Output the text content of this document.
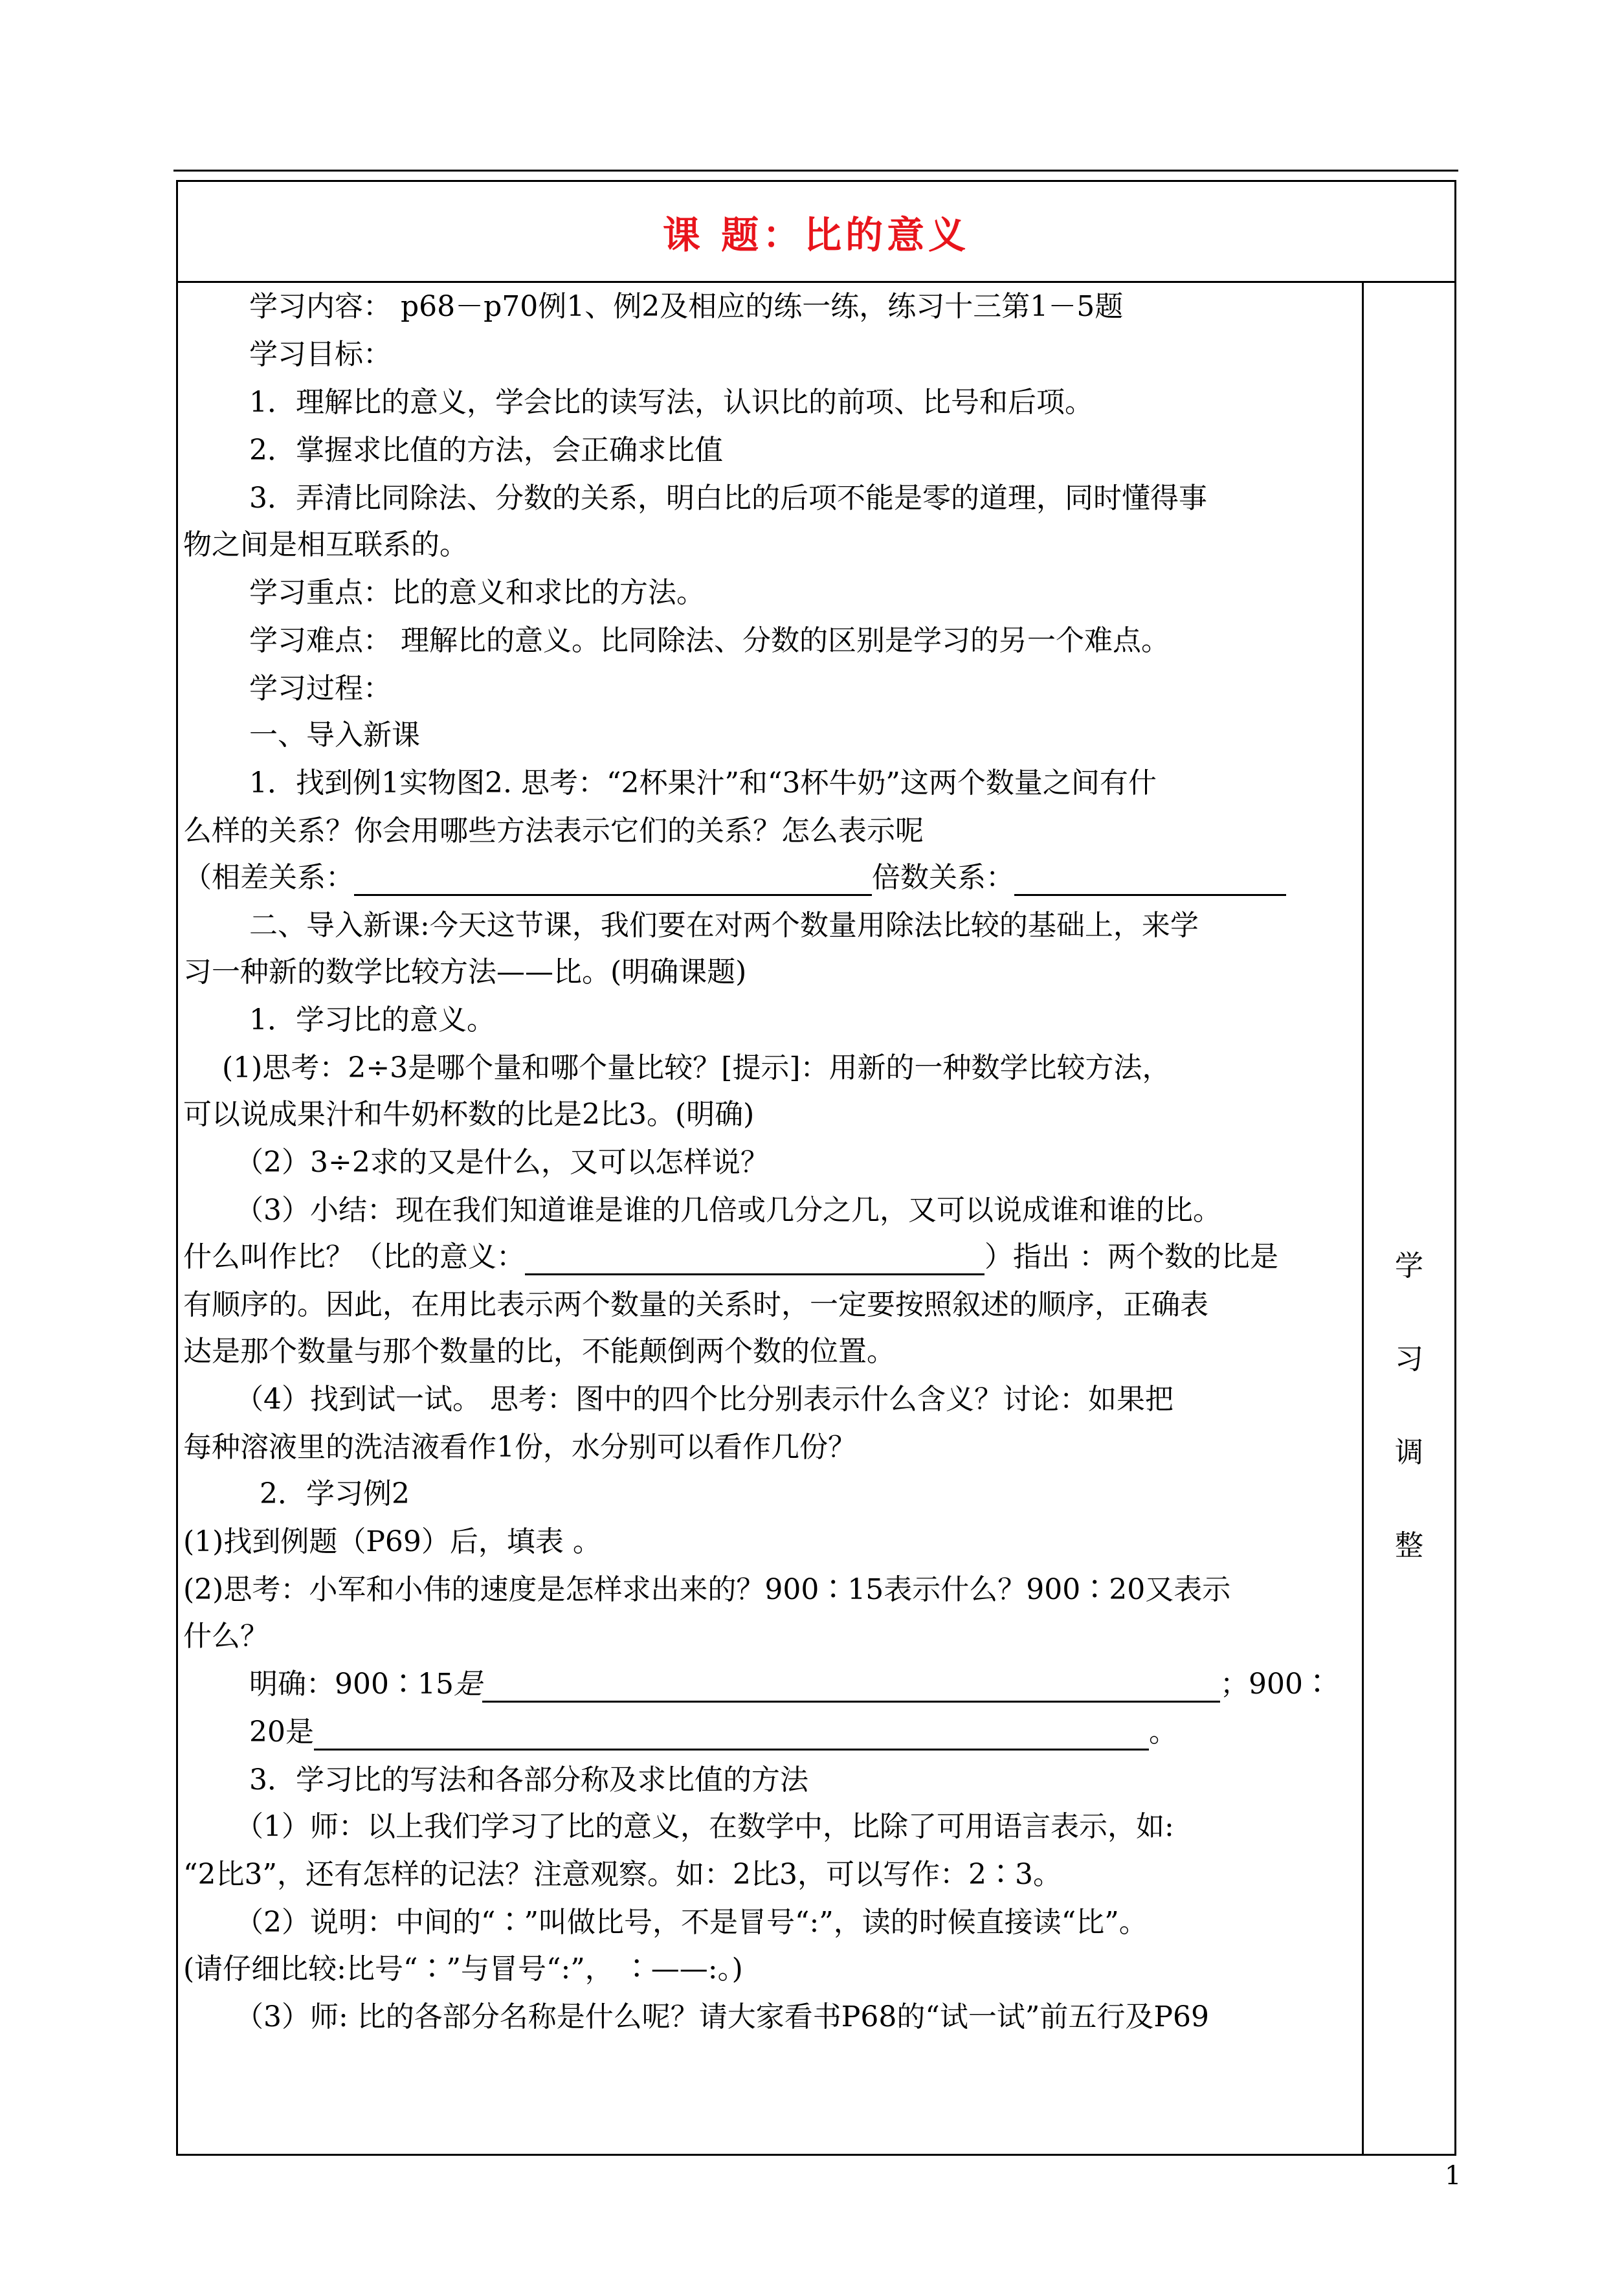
课 题：比的意义
学习内容： p68－p70例1、例2及相应的练一练，练习十三第1－5题
学习目标：
1．理解比的意义，学会比的读写法，认识比的前项、比号和后项。
2．掌握求比值的方法，会正确求比值
3．弄清比同除法、分数的关系，明白比的后项不能是零的道理，同时懂得事
物之间是相互联系的。
学习重点：比的意义和求比的方法。
学习难点： 理解比的意义。比同除法、分数的区别是学习的另一个难点。
学习过程：
一、导入新课
1．找到例1实物图2. 思考：“2杯果汁”和“3杯牛奶”这两个数量之间有什
么样的关系？你会用哪些方法表示它们的关系？怎么表示呢
（相差关系：	倍数关系：
二、导入新课:今天这节课，我们要在对两个数量用除法比较的基础上，来学
习一种新的数学比较方法——比。(明确课题)
1．学习比的意义。
(1)思考：2÷3是哪个量和哪个量比较？[提示]：用新的一种数学比较方法，
可以说成果汁和牛奶杯数的比是2比3。(明确)
（2）3÷2求的又是什么，又可以怎样说？
（3）小结：现在我们知道谁是谁的几倍或几分之几，又可以说成谁和谁的比。
什么叫作比？（比的意义：	）指出 ：两个数的比是
有顺序的。因此，在用比表示两个数量的关系时，一定要按照叙述的顺序，正确表
达是那个数量与那个数量的比，不能颠倒两个数的位置。
（4）找到试一试。 思考：图中的四个比分别表示什么含义？讨论：如果把
每种溶液里的洗洁液看作1份，水分别可以看作几份？
2．学习例2
(1)找到例题（P69）后，填表 。
(2)思考：小军和小伟的速度是怎样求出来的？900∶15表示什么？900∶20又表示
什么？
明确：900∶15是	；900∶
20是	。
3．学习比的写法和各部分称及求比值的方法
（1）师：以上我们学习了比的意义，在数学中，比除了可用语言表示，如:
“2比3”，还有怎样的记法？注意观察。如：2比3，可以写作：2∶3。
（2）说明：中间的“∶”叫做比号，不是冒号“:”，读的时候直接读“比”。
(请仔细比较:比号“∶”与冒号“:”， ∶——:。)
（3）师: 比的各部分名称是什么呢？请大家看书P68的“试一试”前五行及P69
学
习
调
整
1
